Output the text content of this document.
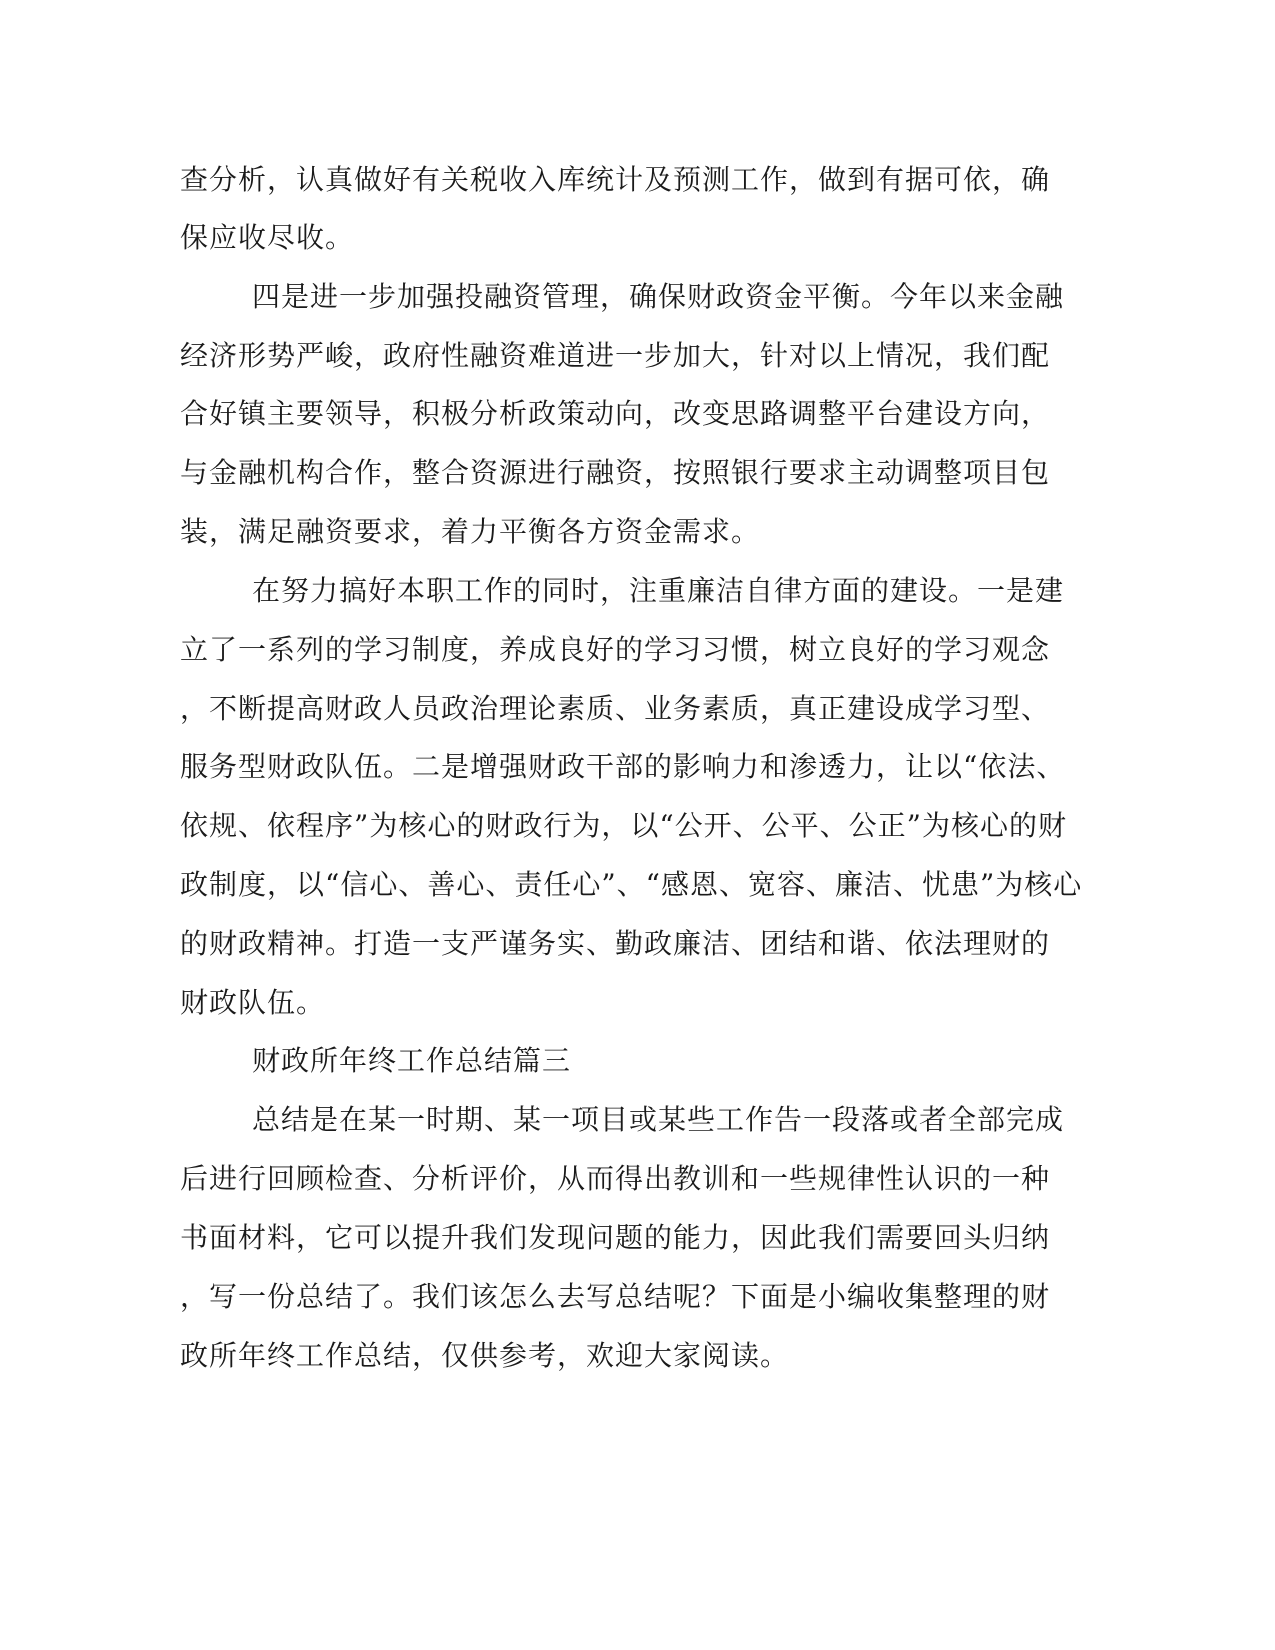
查分析，认真做好有关税收入库统计及预测工作，做到有据可依，确
保应收尽收。
四是进一步加强投融资管理，确保财政资金平衡。今年以来金融
经济形势严峻，政府性融资难道进一步加大，针对以上情况，我们配
合好镇主要领导，积极分析政策动向，改变思路调整平台建设方向，
与金融机构合作，整合资源进行融资，按照银行要求主动调整项目包
装，满足融资要求，着力平衡各方资金需求。
在努力搞好本职工作的同时，注重廉洁自律方面的建设。一是建
立了一系列的学习制度，养成良好的学习习惯，树立良好的学习观念
，不断提高财政人员政治理论素质、业务素质，真正建设成学习型、
服务型财政队伍。二是增强财政干部的影响力和渗透力，让以“依法、
依规、依程序”为核心的财政行为，以“公开、公平、公正”为核心的财
政制度，以“信心、善心、责任心”、“感恩、宽容、廉洁、忧患”为核心
的财政精神。打造一支严谨务实、勤政廉洁、团结和谐、依法理财的
财政队伍。
财政所年终工作总结篇三
总结是在某一时期、某一项目或某些工作告一段落或者全部完成
后进行回顾检查、分析评价，从而得出教训和一些规律性认识的一种
书面材料，它可以提升我们发现问题的能力，因此我们需要回头归纳
，写一份总结了。我们该怎么去写总结呢？下面是小编收集整理的财
政所年终工作总结，仅供参考，欢迎大家阅读。
